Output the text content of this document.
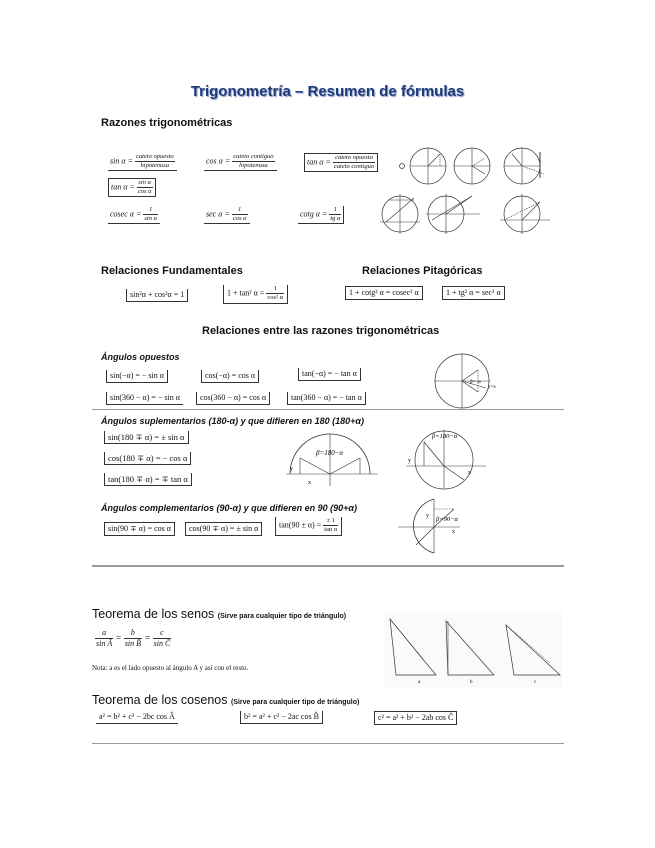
Trigonometría – Resumen de fórmulas
Razones trigonométricas
$\sin \alpha = \frac{\text{cateto opuesto}}{\text{hipotenusa}}$	$\cos \alpha = \frac{\text{cateto contiguo}}{\text{hipotenusa}}$	$\tan \alpha = \frac{\text{cateto opuesto}}{\text{cateto contiguo}}$
$\tan \alpha = \frac{\text{sin α}}{\text{cos α}}$
cosec $\alpha = \frac{1}{\text{sin α}}$	$\sec \alpha = \frac{1}{\text{cos α}}$	cotg $\alpha = \frac{1}{\text{tg α}}$
Relaciones Fundamentales	Relaciones Pitagóricas
sin²α + cos²α = 1	1 + tan² $\alpha = \frac{1}{\text{cos² α}}$	1 + cotg² α = cosec² α	1 + tg² α = sec² α
Relaciones entre las razones trigonométricas
Ángulos opuestos
sin(−α) = − sin α	cos(−α) = cos α	tan(−α) = − tan α
sin(360 − α) = − sin α	cos(360 − α) = cos α	tan(360 − α) = − tan α
β=−α
y=x
Ángulos suplementarios (180-α) y que difieren en 180 (180+α)
sin(180 ∓ α) = ± sin α
cos(180 ∓ α) = − cos α
tan(180 ∓ α) = ∓ tan α
β=180−α
y
x
β=180−α
y
x
Ángulos complementarios (90-α) y que difieren en 90 (90+α)
sin(90 ∓ α) = cos α	cos(90 ∓ α) = ± sin α	$\tan(90 \pm \alpha) = \frac{\pm 1}{\text{tan α}}$	β=90−α
y
x
Teorema de los senos (Sirve para cualquier tipo de triángulo)
$\frac{a}{\text{sin Â}} = \frac{b}{\text{sin B̂}} = \frac{c}{\text{sin Ĉ}}$
Nota: a es el lado opuesto al ángulo A y así con el resto.
a	b	c
Teorema de los cosenos (Sirve para cualquier tipo de triángulo)
a² = b² + c² − 2bc cos Â	b² = a² + c² − 2ac cos B̂	c² = a² + b² − 2ab cos Ĉ
